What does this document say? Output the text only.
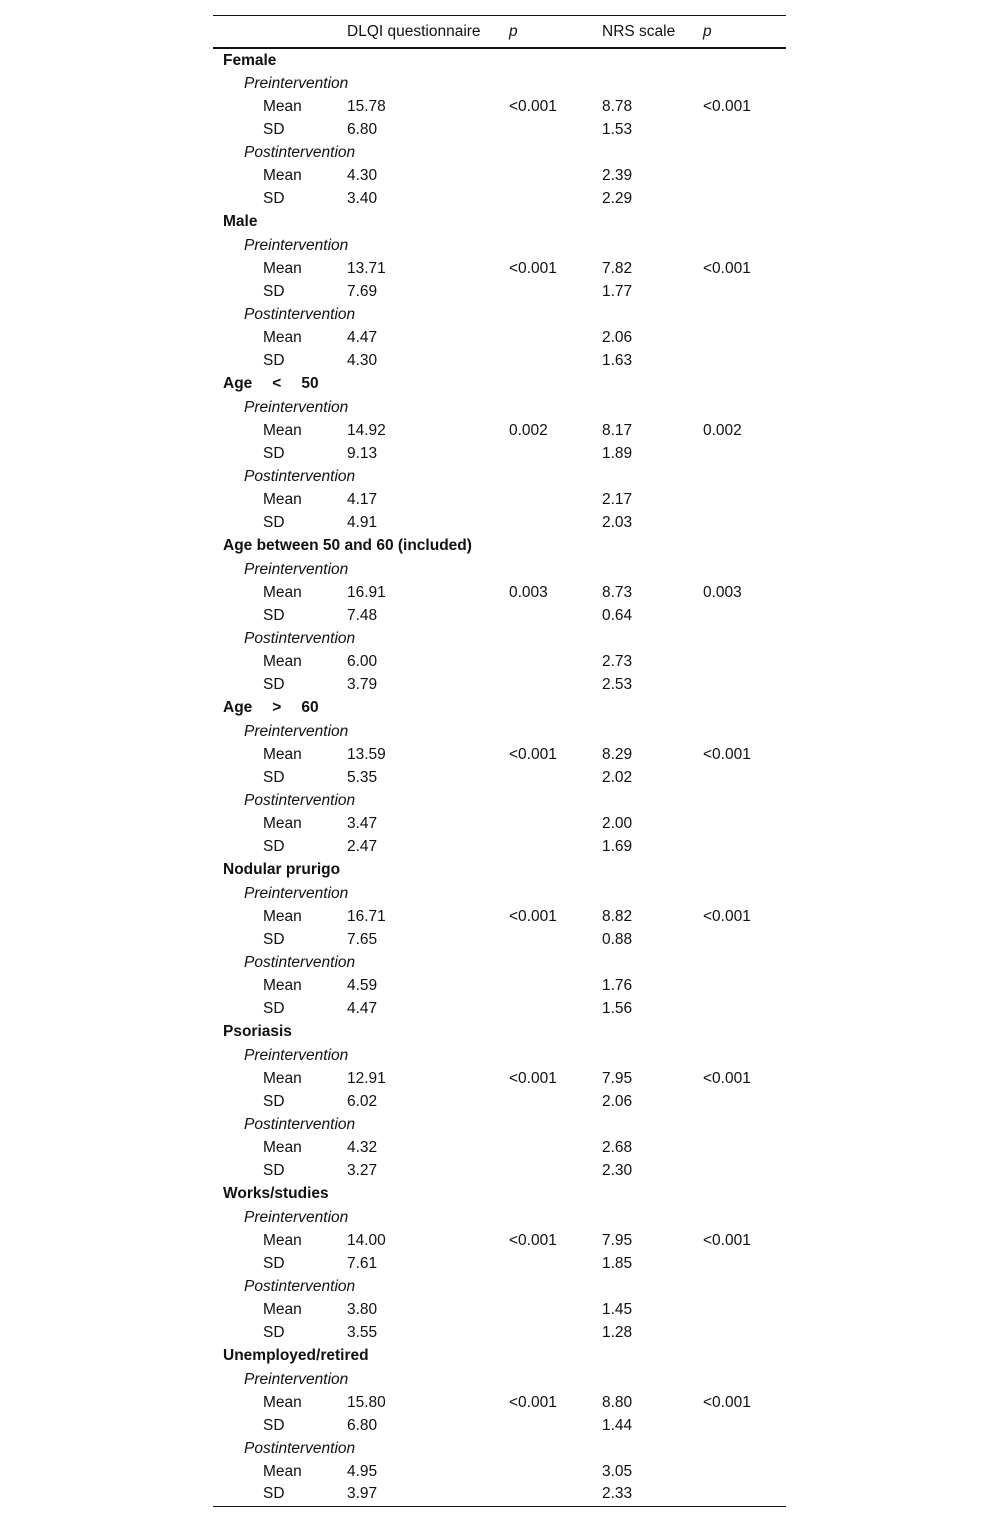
	DLQI questionnaire	p	NRS scale	p
Female				
Preintervention				
Mean	15.78	<0.001	8.78	<0.001
SD	6.80		1.53	
Postintervention				
Mean	4.30		2.39	
SD	3.40		2.29	
Male				
Preintervention				
Mean	13.71	<0.001	7.82	<0.001
SD	7.69		1.77	
Postintervention				
Mean	4.47		2.06	
SD	4.30		1.63	
Age < 50				
Preintervention				
Mean	14.92	0.002	8.17	0.002
SD	9.13		1.89	
Postintervention				
Mean	4.17		2.17	
SD	4.91		2.03	
Age between 50 and 60 (included)				
Preintervention				
Mean	16.91	0.003	8.73	0.003
SD	7.48		0.64	
Postintervention				
Mean	6.00		2.73	
SD	3.79		2.53	
Age > 60				
Preintervention				
Mean	13.59	<0.001	8.29	<0.001
SD	5.35		2.02	
Postintervention				
Mean	3.47		2.00	
SD	2.47		1.69	
Nodular prurigo				
Preintervention				
Mean	16.71	<0.001	8.82	<0.001
SD	7.65		0.88	
Postintervention				
Mean	4.59		1.76	
SD	4.47		1.56	
Psoriasis				
Preintervention				
Mean	12.91	<0.001	7.95	<0.001
SD	6.02		2.06	
Postintervention				
Mean	4.32		2.68	
SD	3.27		2.30	
Works/studies				
Preintervention				
Mean	14.00	<0.001	7.95	<0.001
SD	7.61		1.85	
Postintervention				
Mean	3.80		1.45	
SD	3.55		1.28	
Unemployed/retired				
Preintervention				
Mean	15.80	<0.001	8.80	<0.001
SD	6.80		1.44	
Postintervention				
Mean	4.95		3.05	
SD	3.97		2.33	
